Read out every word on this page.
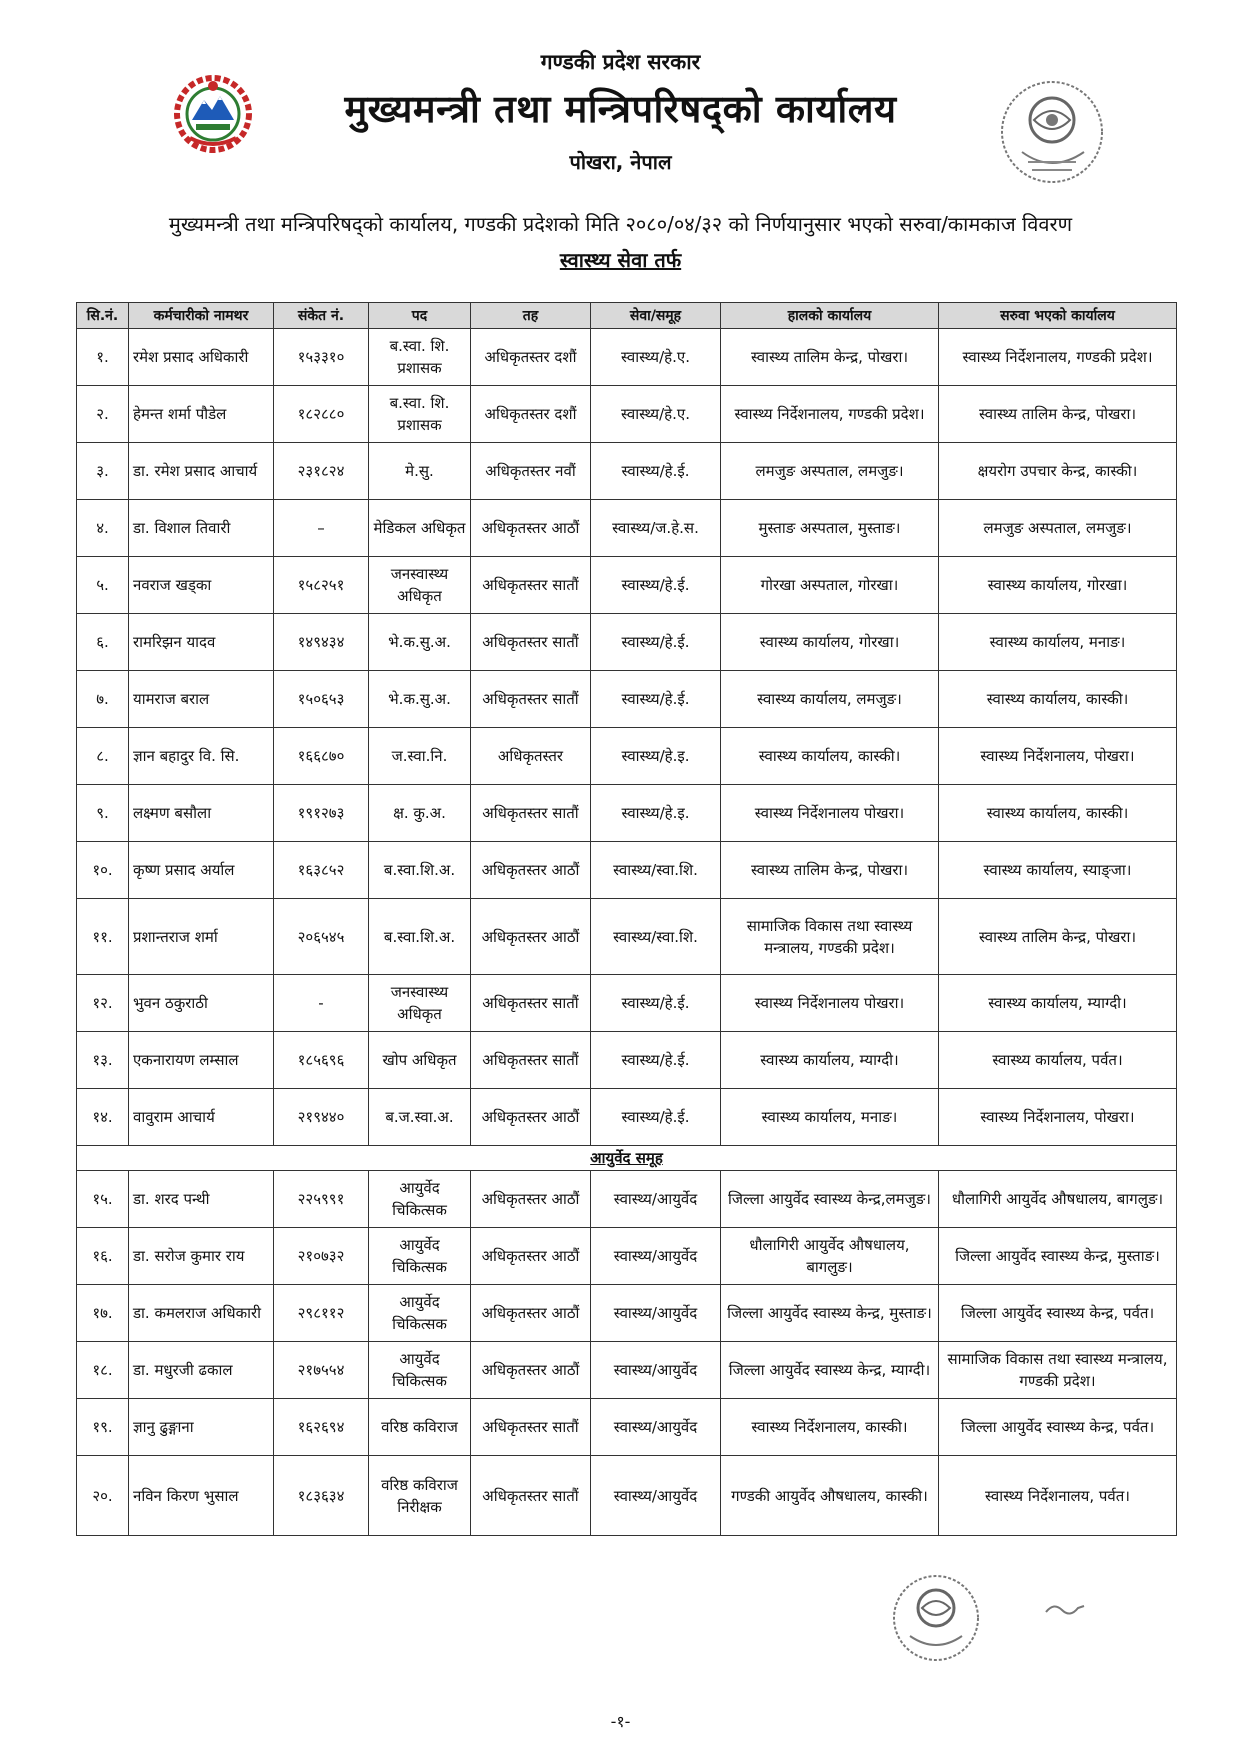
गण्डकी प्रदेश सरकार
मुख्यमन्त्री तथा मन्त्रिपरिषद्को कार्यालय
पोखरा, नेपाल
मुख्यमन्त्री तथा मन्त्रिपरिषद्को कार्यालय, गण्डकी प्रदेशको मिति २०८०/०४/३२ को निर्णयानुसार भएको सरुवा/कामकाज विवरण
स्वास्थ्य सेवा तर्फ
सि.नं.	कर्मचारीको नामथर	संकेत नं.	पद	तह	सेवा/समूह	हालको कार्यालय	सरुवा भएको कार्यालय
१.	रमेश प्रसाद अधिकारी	१५३३१०	ब.स्वा. शि. प्रशासक	अधिकृतस्तर दशौं	स्वास्थ्य/हे.ए.	स्वास्थ्य तालिम केन्द्र, पोखरा।	स्वास्थ्य निर्देशनालय, गण्डकी प्रदेश।
२.	हेमन्त शर्मा पौडेल	१८२८८०	ब.स्वा. शि. प्रशासक	अधिकृतस्तर दशौं	स्वास्थ्य/हे.ए.	स्वास्थ्य निर्देशनालय, गण्डकी प्रदेश।	स्वास्थ्य तालिम केन्द्र, पोखरा।
३.	डा. रमेश प्रसाद आचार्य	२३१८२४	मे.सु.	अधिकृतस्तर नवौं	स्वास्थ्य/हे.ई.	लमजुङ अस्पताल, लमजुङ।	क्षयरोग उपचार केन्द्र, कास्की।
४.	डा. विशाल तिवारी	–	मेडिकल अधिकृत	अधिकृतस्तर आठौं	स्वास्थ्य/ज.हे.स.	मुस्ताङ अस्पताल, मुस्ताङ।	लमजुङ अस्पताल, लमजुङ।
५.	नवराज खड्का	१५८२५१	जनस्वास्थ्य अधिकृत	अधिकृतस्तर सातौं	स्वास्थ्य/हे.ई.	गोरखा अस्पताल, गोरखा।	स्वास्थ्य कार्यालय, गोरखा।
६.	रामरिझन यादव	१४९४३४	भे.क.सु.अ.	अधिकृतस्तर सातौं	स्वास्थ्य/हे.ई.	स्वास्थ्य कार्यालय, गोरखा।	स्वास्थ्य कार्यालय, मनाङ।
७.	यामराज बराल	१५०६५३	भे.क.सु.अ.	अधिकृतस्तर सातौं	स्वास्थ्य/हे.ई.	स्वास्थ्य कार्यालय, लमजुङ।	स्वास्थ्य कार्यालय, कास्की।
८.	ज्ञान बहादुर वि. सि.	१६६८७०	ज.स्वा.नि.	अधिकृतस्तर	स्वास्थ्य/हे.इ.	स्वास्थ्य कार्यालय, कास्की।	स्वास्थ्य निर्देशनालय, पोखरा।
९.	लक्ष्मण बसौला	१९१२७३	क्ष. कु.अ.	अधिकृतस्तर सातौं	स्वास्थ्य/हे.इ.	स्वास्थ्य निर्देशनालय पोखरा।	स्वास्थ्य कार्यालय, कास्की।
१०.	कृष्ण प्रसाद अर्याल	१६३८५२	ब.स्वा.शि.अ.	अधिकृतस्तर आठौं	स्वास्थ्य/स्वा.शि.	स्वास्थ्य तालिम केन्द्र, पोखरा।	स्वास्थ्य कार्यालय, स्याङ्जा।
११.	प्रशान्तराज शर्मा	२०६५४५	ब.स्वा.शि.अ.	अधिकृतस्तर आठौं	स्वास्थ्य/स्वा.शि.	सामाजिक विकास तथा स्वास्थ्य मन्त्रालय, गण्डकी प्रदेश।	स्वास्थ्य तालिम केन्द्र, पोखरा।
१२.	भुवन ठकुराठी	-	जनस्वास्थ्य अधिकृत	अधिकृतस्तर सातौं	स्वास्थ्य/हे.ई.	स्वास्थ्य निर्देशनालय पोखरा।	स्वास्थ्य कार्यालय, म्याग्दी।
१३.	एकनारायण लम्साल	१८५६९६	खोप अधिकृत	अधिकृतस्तर सातौं	स्वास्थ्य/हे.ई.	स्वास्थ्य कार्यालय, म्याग्दी।	स्वास्थ्य कार्यालय, पर्वत।
१४.	वावुराम आचार्य	२१९४४०	ब.ज.स्वा.अ.	अधिकृतस्तर आठौं	स्वास्थ्य/हे.ई.	स्वास्थ्य कार्यालय, मनाङ।	स्वास्थ्य निर्देशनालय, पोखरा।
आयुर्वेद समूह							
१५.	डा. शरद पन्थी	२२५९९१	आयुर्वेद चिकित्सक	अधिकृतस्तर आठौं	स्वास्थ्य/आयुर्वेद	जिल्ला आयुर्वेद स्वास्थ्य केन्द्र,लमजुङ।	धौलागिरी आयुर्वेद औषधालय, बागलुङ।
१६.	डा. सरोज कुमार राय	२१०७३२	आयुर्वेद चिकित्सक	अधिकृतस्तर आठौं	स्वास्थ्य/आयुर्वेद	धौलागिरी आयुर्वेद औषधालय, बागलुङ।	जिल्ला आयुर्वेद स्वास्थ्य केन्द्र, मुस्ताङ।
१७.	डा. कमलराज अधिकारी	२९८११२	आयुर्वेद चिकित्सक	अधिकृतस्तर आठौं	स्वास्थ्य/आयुर्वेद	जिल्ला आयुर्वेद स्वास्थ्य केन्द्र, मुस्ताङ।	जिल्ला आयुर्वेद स्वास्थ्य केन्द्र, पर्वत।
१८.	डा. मधुरजी ढकाल	२१७५५४	आयुर्वेद चिकित्सक	अधिकृतस्तर आठौं	स्वास्थ्य/आयुर्वेद	जिल्ला आयुर्वेद स्वास्थ्य केन्द्र, म्याग्दी।	सामाजिक विकास तथा स्वास्थ्य मन्त्रालय, गण्डकी प्रदेश।
१९.	ज्ञानु ढुङ्गाना	१६२६९४	वरिष्ठ कविराज	अधिकृतस्तर सातौं	स्वास्थ्य/आयुर्वेद	स्वास्थ्य निर्देशनालय, कास्की।	जिल्ला आयुर्वेद स्वास्थ्य केन्द्र, पर्वत।
२०.	नविन किरण भुसाल	१८३६३४	वरिष्ठ कविराज निरीक्षक	अधिकृतस्तर सातौं	स्वास्थ्य/आयुर्वेद	गण्डकी आयुर्वेद औषधालय, कास्की।	स्वास्थ्य निर्देशनालय, पर्वत।
-१-
